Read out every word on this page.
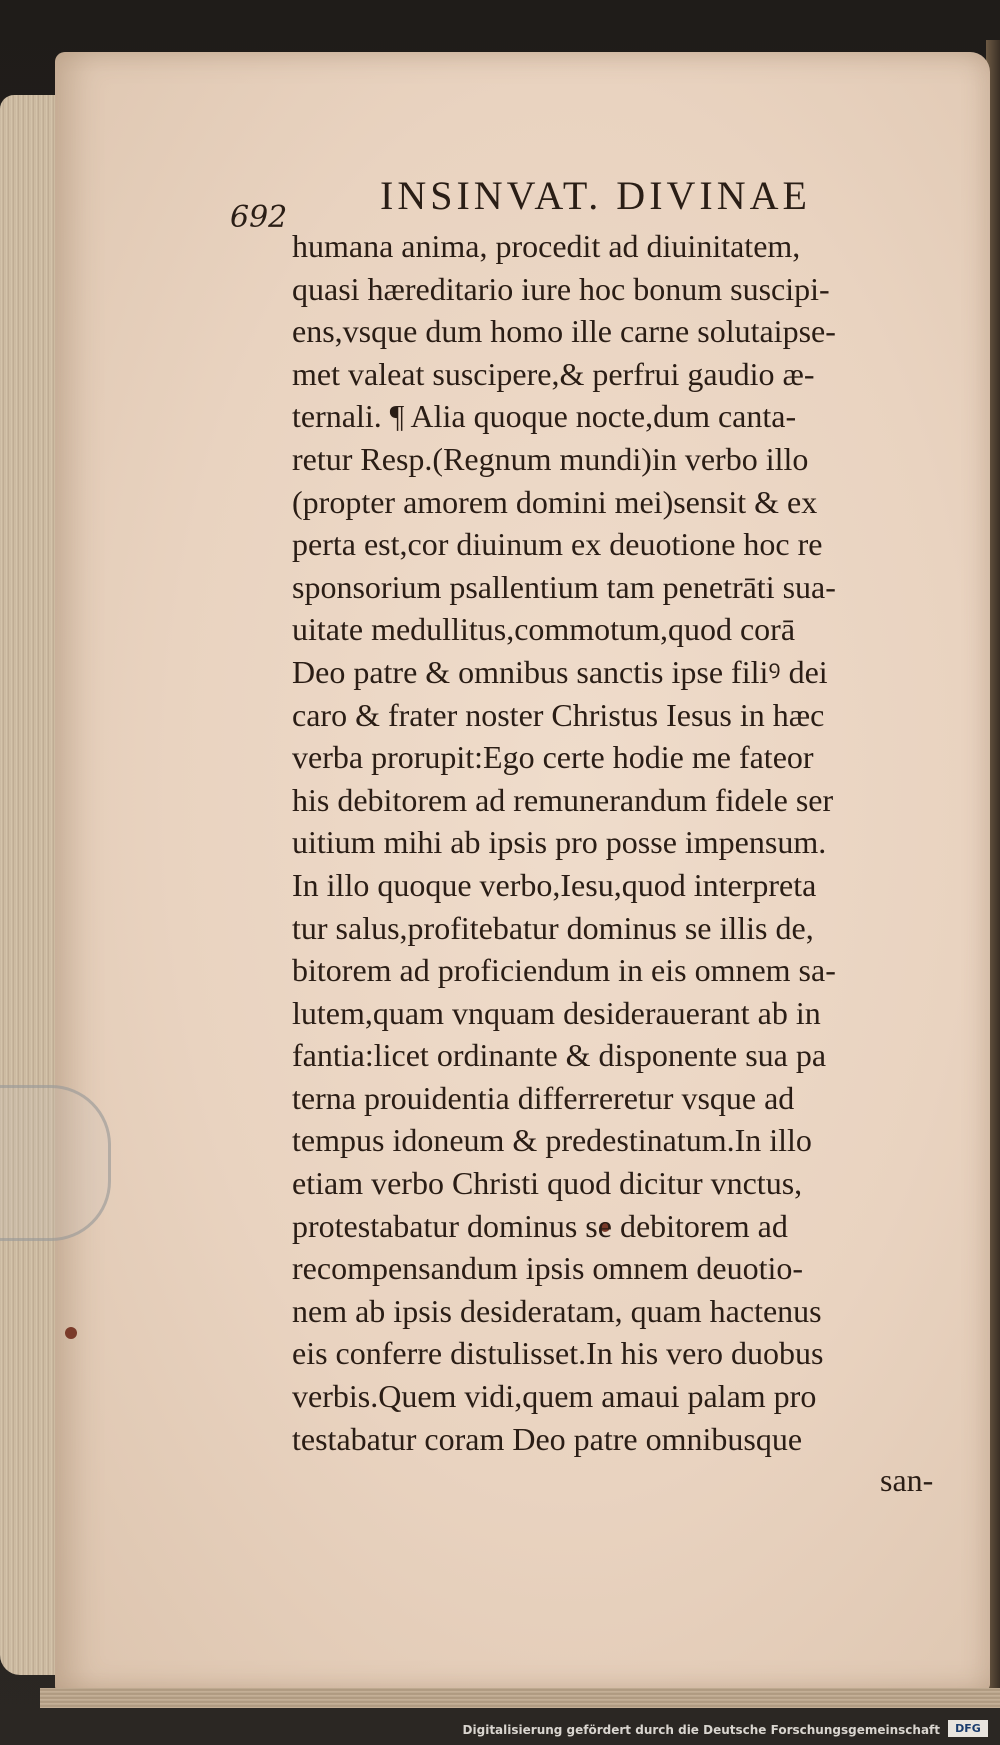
692 INSINVAT. DIVINAE
humana anima, procedit ad diuinitatem,
quasi hæreditario iure hoc bonum suscipi-
ens,vsque dum homo ille carne solutaipse-
met valeat suscipere,& perfrui gaudio æ-
ternali. ¶ Alia quoque nocte,dum canta-
retur Resp.(Regnum mundi)in verbo illo
(propter amorem domini mei)sensit & ex
perta est,cor diuinum ex deuotione hoc re
sponsorium psallentium tam penetrāti sua-
uitate medullitus,commotum,quod corā
Deo patre & omnibus sanctis ipse filiꝰ dei
caro & frater noster Christus Iesus in hæc
verba prorupit:Ego certe hodie me fateor
his debitorem ad remunerandum fidele ser
uitium mihi ab ipsis pro posse impensum.
In illo quoque verbo,Iesu,quod interpreta
tur salus,profitebatur dominus se illis de,
bitorem ad proficiendum in eis omnem sa-
lutem,quam vnquam desiderauerant ab in
fantia:licet ordinante & disponente sua pa
terna prouidentia differreretur vsque ad
tempus idoneum & predestinatum.In illo
etiam verbo Christi quod dicitur vnctus,
protestabatur dominus se debitorem ad
recompensandum ipsis omnem deuotio-
nem ab ipsis desideratam, quam hactenus
eis conferre distulisset.In his vero duobus
verbis.Quem vidi,quem amaui palam pro
testabatur coram Deo patre omnibusque
san-
Digitalisierung gefördert durch die Deutsche Forschungsgemeinschaft	DFG
